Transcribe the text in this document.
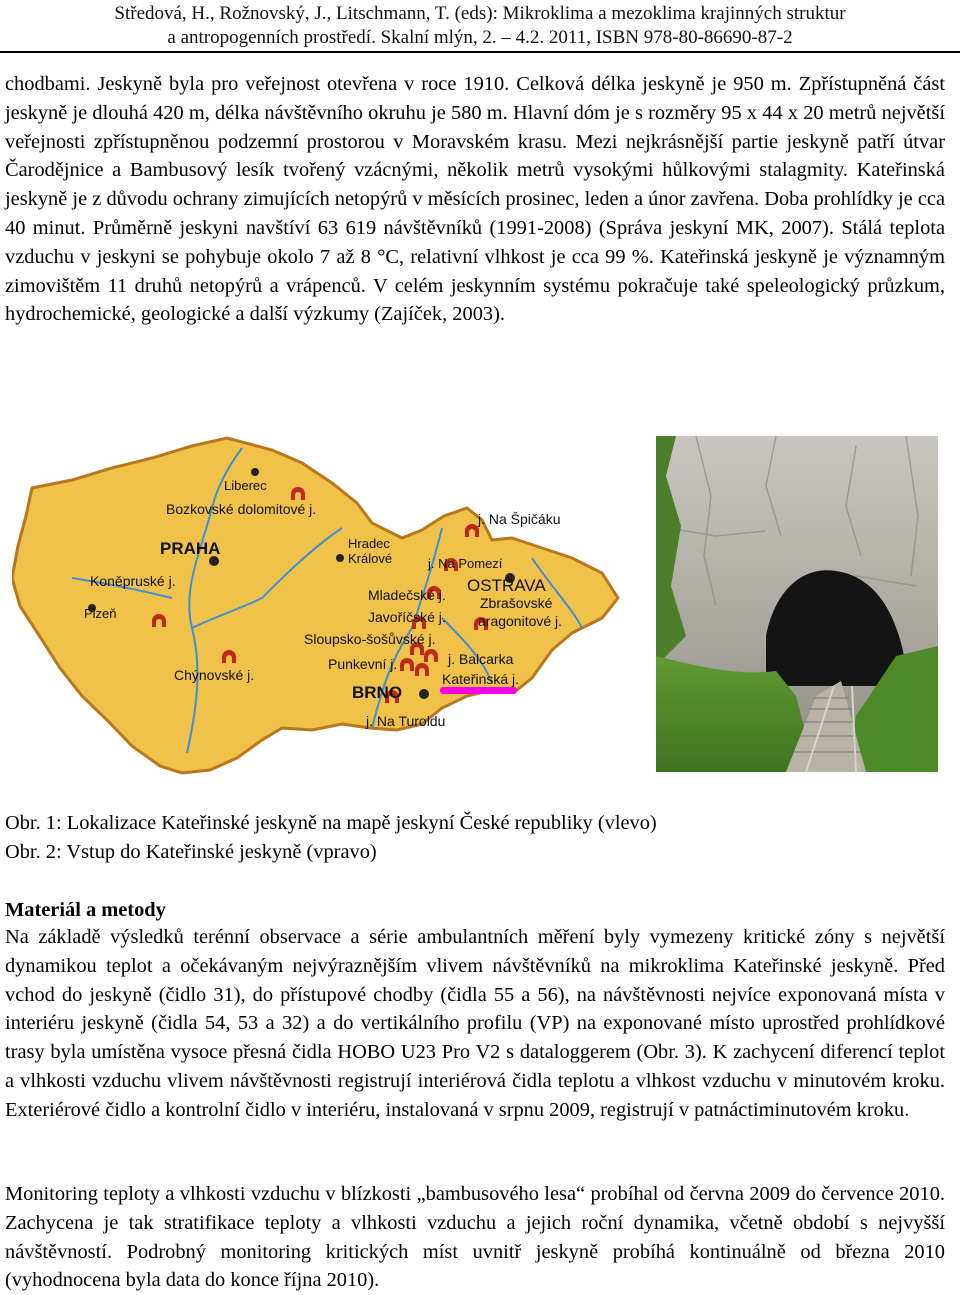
Středová, H., Rožnovský, J., Litschmann, T. (eds): Mikroklima a mezoklima krajinných struktur
a antropogenních prostředí. Skalní mlýn, 2. – 4.2. 2011, ISBN 978-80-86690-87-2

chodbami. Jeskyně byla pro veřejnost otevřena v roce 1910. Celková délka jeskyně je 950 m. Zpřístupněná část jeskyně je dlouhá 420 m, délka návštěvního okruhu je 580 m. Hlavní dóm je s rozměry 95 x 44 x 20 metrů největší veřejnosti zpřístupněnou podzemní prostorou v Moravském krasu. Mezi nejkrásnější partie jeskyně patří útvar Čarodějnice a Bambusový lesík tvořený vzácnými, několik metrů vysokými hůlkovými stalagmity. Kateřinská jeskyně je z důvodu ochrany zimujících netopýrů v měsících prosinec, leden a únor zavřena. Doba prohlídky je cca 40 minut. Průměrně jeskyni navštíví 63 619 návštěvníků (1991-2008) (Správa jeskyní MK, 2007). Stálá teplota vzduchu v jeskyni se pohybuje okolo 7 až 8 °C, relativní vlhkost je cca 99 %. Kateřinská jeskyně je významným zimovištěm 11 druhů netopýrů a vrápenců. V celém jeskynním systému pokračuje také speleologický průzkum, hydrochemické, geologické a další výzkumy (Zajíček, 2003).

Liberec
Bozkovské dolomitové j.
PRAHA
Koněpruské j.
Plzeň
Chýnovské j.
Hradec
Králové
j. Na Špičáku
j. Na Pomezí
OSTRAVA
Mladečské j.
Javoříčské j.
Zbrašovské
aragonitové j.
Sloupsko-šošůvské j.
Punkevní j.	j. Balcarka
Kateřinská j.
BRNO
j. Na Turoldu
Obr. 1: Lokalizace Kateřinské jeskyně na mapě jeskyní České republiky (vlevo)
Obr. 2: Vstup do Kateřinské jeskyně (vpravo)
Materiál a metody

Na základě výsledků terénní observace a série ambulantních měření byly vymezeny kritické zóny s největší dynamikou teplot a očekávaným nejvýraznějším vlivem návštěvníků na mikroklima Kateřinské jeskyně. Před vchod do jeskyně (čidlo 31), do přístupové chodby (čidla 55 a 56), na návštěvnosti nejvíce exponovaná místa v interiéru jeskyně (čidla 54, 53 a 32) a do vertikálního profilu (VP) na exponované místo uprostřed prohlídkové trasy byla umístěna vysoce přesná čidla HOBO U23 Pro V2 s dataloggerem (Obr. 3). K zachycení diferencí teplot a vlhkosti vzduchu vlivem návštěvnosti registrují interiérová čidla teplotu a vlhkost vzduchu v minutovém kroku. Exteriérové čidlo a kontrolní čidlo v interiéru, instalovaná v srpnu 2009, registrují v patnáctiminutovém kroku.

Monitoring teploty a vlhkosti vzduchu v blízkosti „bambusového lesa“ probíhal od června 2009 do července 2010. Zachycena je tak stratifikace teploty a vlhkosti vzduchu a jejich roční dynamika, včetně období s nejvyšší návštěvností. Podrobný monitoring kritických míst uvnitř jeskyně probíhá kontinuálně od března 2010 (vyhodnocena byla data do konce října 2010).
